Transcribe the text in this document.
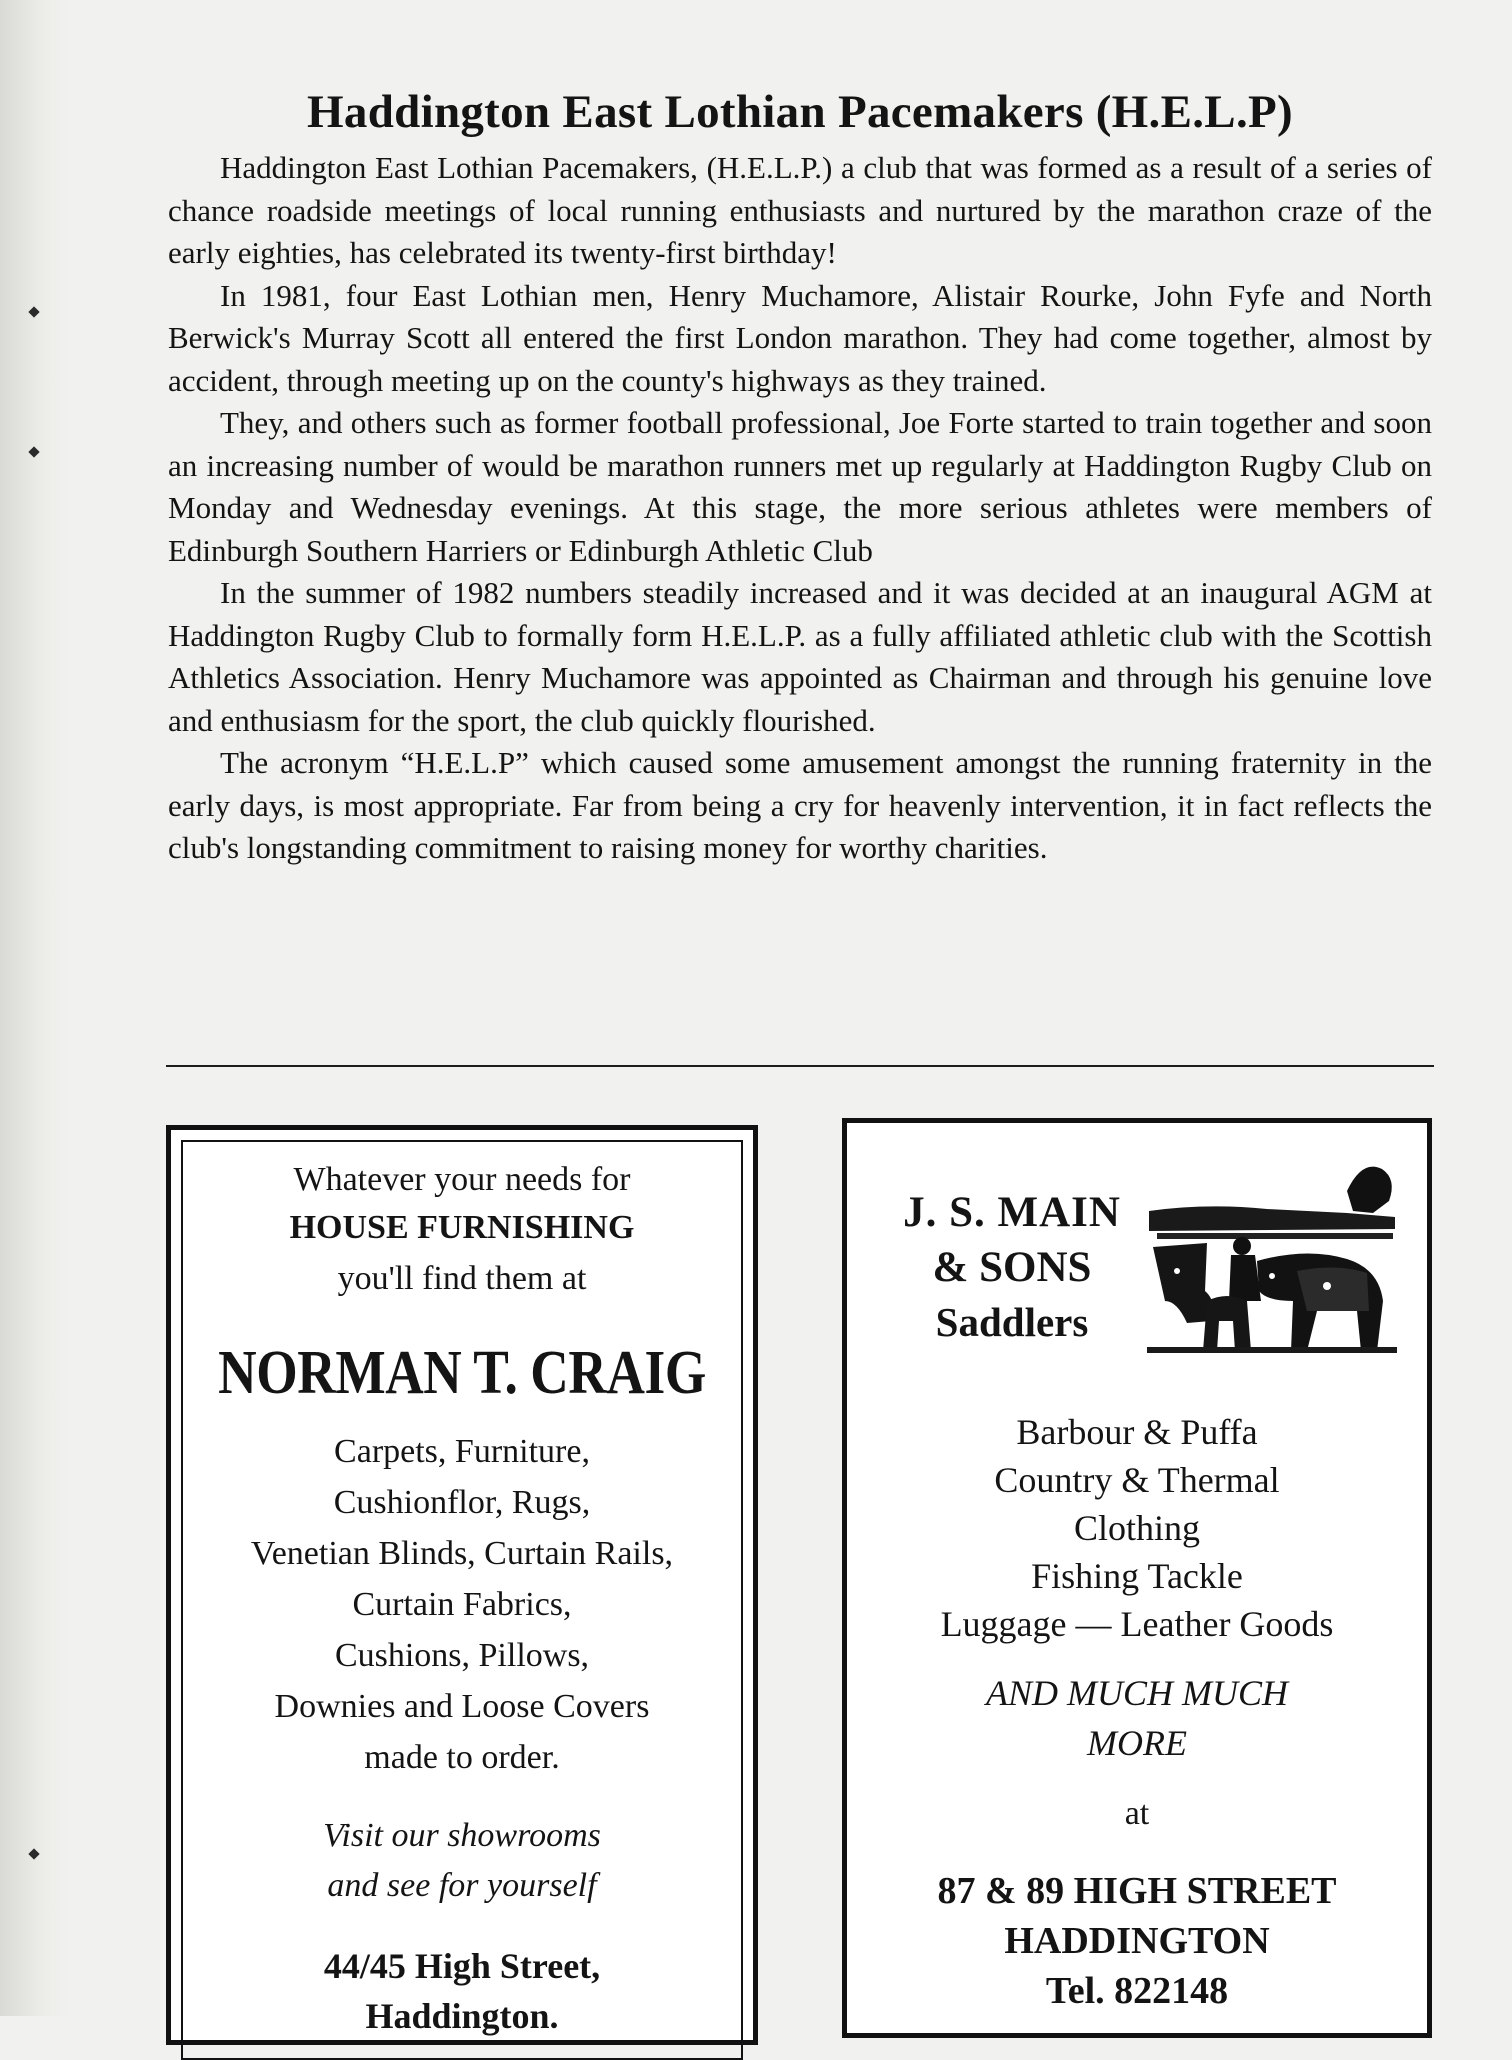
Haddington East Lothian Pacemakers (H.E.L.P)

Haddington East Lothian Pacemakers, (H.E.L.P.) a club that was formed as a result of a series of chance roadside meetings of local running enthusiasts and nurtured by the marathon craze of the early eighties, has celebrated its twenty-first birthday!

In 1981, four East Lothian men, Henry Muchamore, Alistair Rourke, John Fyfe and North Berwick's Murray Scott all entered the first London marathon. They had come together, almost by accident, through meeting up on the county's highways as they trained.

They, and others such as former football professional, Joe Forte started to train together and soon an increasing number of would be marathon runners met up regularly at Haddington Rugby Club on Monday and Wednesday evenings. At this stage, the more serious athletes were members of Edinburgh Southern Harriers or Edinburgh Athletic Club

In the summer of 1982 numbers steadily increased and it was decided at an inaugural AGM at Haddington Rugby Club to formally form H.E.L.P. as a fully affiliated athletic club with the Scottish Athletics Association. Henry Muchamore was appointed as Chairman and through his genuine love and enthusiasm for the sport, the club quickly flourished.

The acronym “H.E.L.P” which caused some amusement amongst the running fraternity in the early days, is most appropriate. Far from being a cry for heavenly intervention, it in fact reflects the club's longstanding commitment to raising money for worthy charities.

Whatever your needs for
HOUSE FURNISHING
you'll find them at
NORMAN T. CRAIG
Carpets, Furniture,
Cushionflor, Rugs,
Venetian Blinds, Curtain Rails,
Curtain Fabrics,
Cushions, Pillows,
Downies and Loose Covers
made to order.
Visit our showrooms
and see for yourself
44/45 High Street,
Haddington.
J. S. MAIN
& SONS
Saddlers
Barbour & Puffa
Country & Thermal
Clothing
Fishing Tackle
Luggage — Leather Goods
AND MUCH MUCH
MORE
at
87 & 89 HIGH STREET
HADDINGTON
Tel. 822148
